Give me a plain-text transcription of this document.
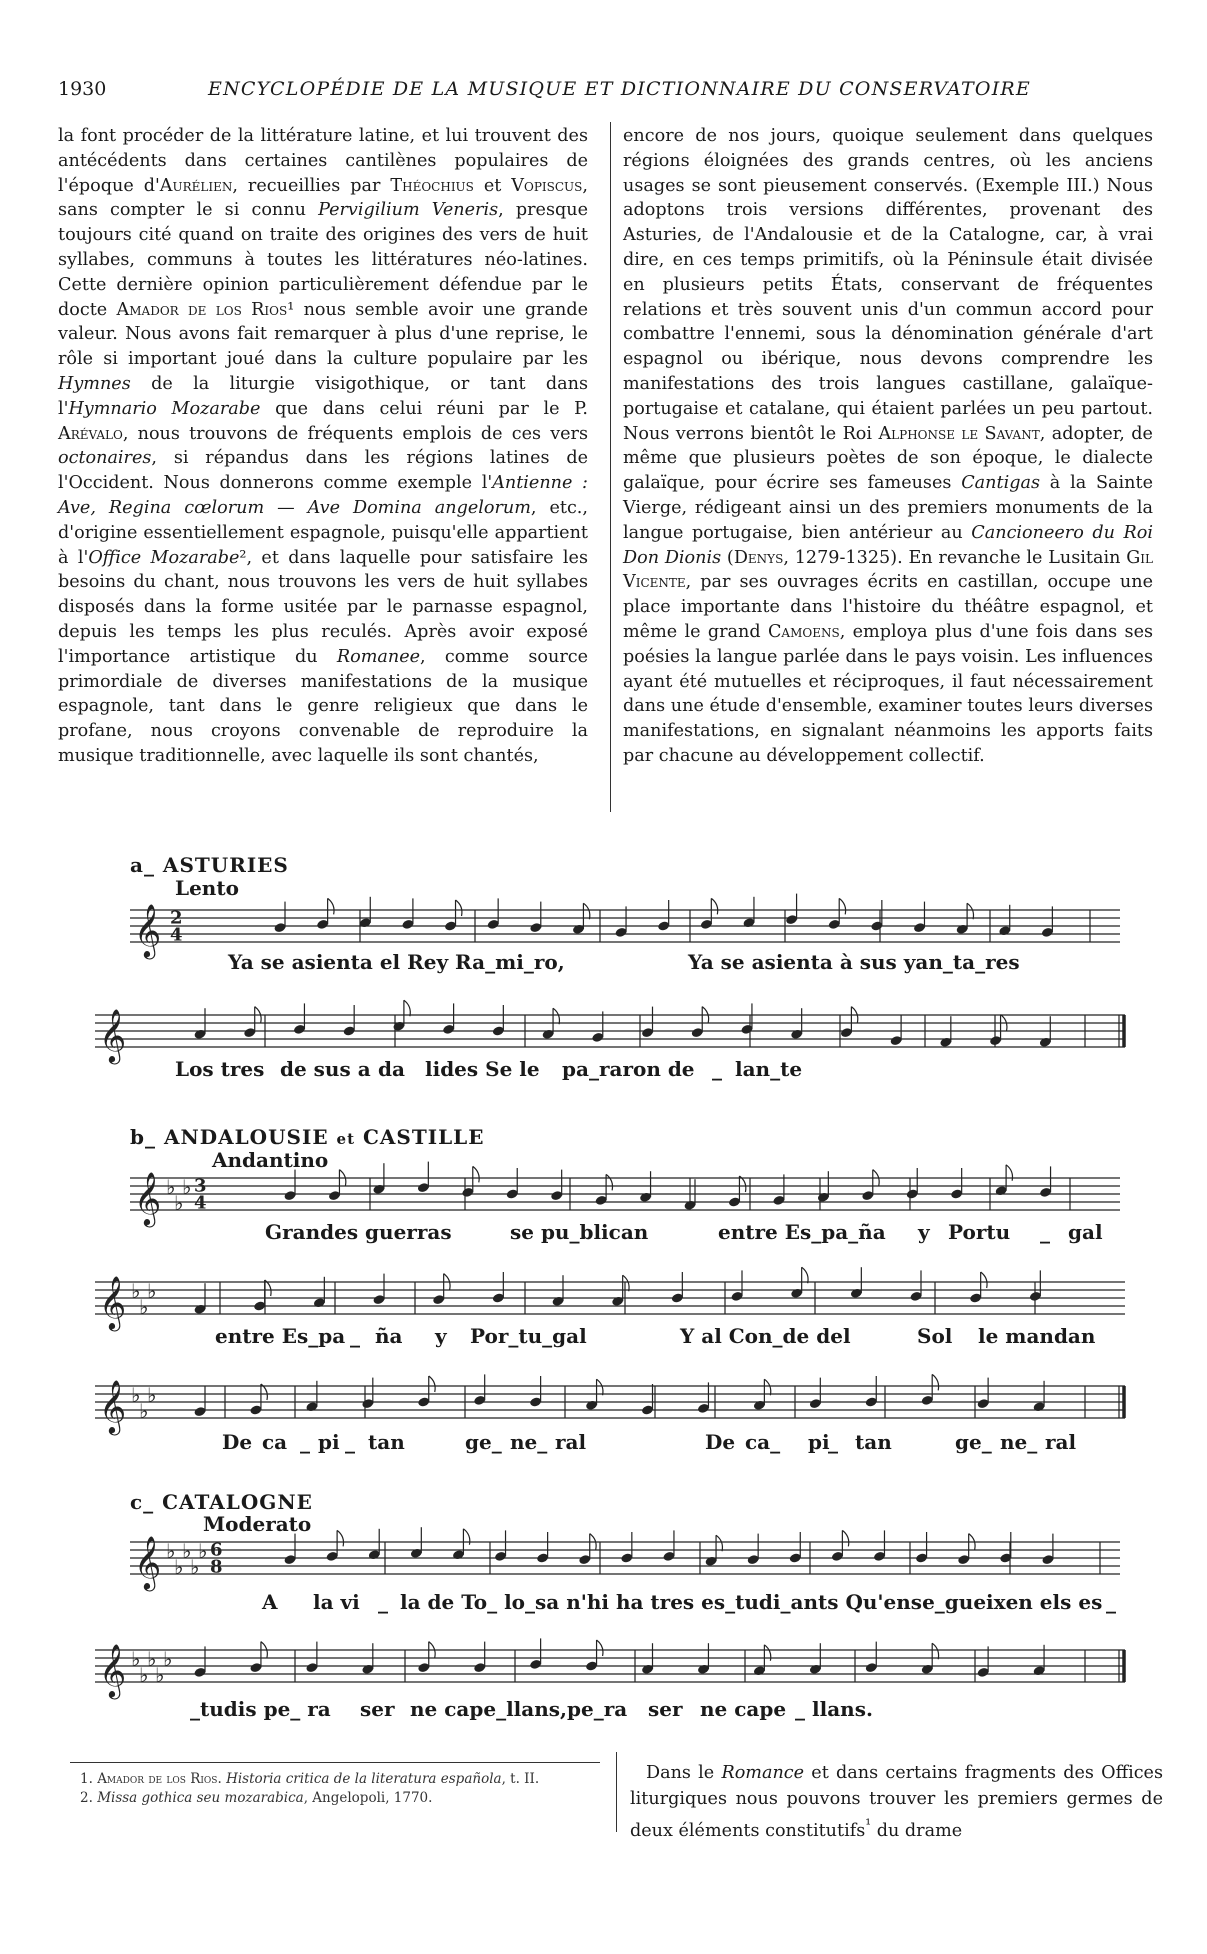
1930	ENCYCLOPÉDIE DE LA MUSIQUE ET DICTIONNAIRE DU CONSERVATOIRE

la font procéder de la littérature latine, et lui trouvent des antécédents dans certaines cantilènes populaires de l'époque d'Aurélien, recueillies par Théochius et Vopiscus, sans compter le si connu Pervigilium Veneris, presque toujours cité quand on traite des origines des vers de huit syllabes, communs à toutes les littératures néo-latines. Cette dernière opinion particulièrement défendue par le docte Amador de los Rios¹ nous semble avoir une grande valeur. Nous avons fait remarquer à plus d'une reprise, le rôle si important joué dans la culture populaire par les Hymnes de la liturgie visigothique, or tant dans l'Hymnario Mozarabe que dans celui réuni par le P. Arévalo, nous trouvons de fréquents emplois de ces vers octonaires, si répandus dans les régions latines de l'Occident. Nous donnerons comme exemple l'Antienne : Ave, Regina cœlorum — Ave Domina angelorum, etc., d'origine essentiellement espagnole, puisqu'elle appartient à l'Office Mozarabe², et dans laquelle pour satisfaire les besoins du chant, nous trouvons les vers de huit syllabes disposés dans la forme usitée par le parnasse espagnol, depuis les temps les plus reculés. Après avoir exposé l'importance artistique du Romanee, comme source primordiale de diverses manifestations de la musique espagnole, tant dans le genre religieux que dans le profane, nous croyons convenable de reproduire la musique traditionnelle, avec laquelle ils sont chantés,

encore de nos jours, quoique seulement dans quelques régions éloignées des grands centres, où les anciens usages se sont pieusement conservés. (Exemple III.) Nous adoptons trois versions différentes, provenant des Asturies, de l'Andalousie et de la Catalogne, car, à vrai dire, en ces temps primitifs, où la Péninsule était divisée en plusieurs petits États, conservant de fréquentes relations et très souvent unis d'un commun accord pour combattre l'ennemi, sous la dénomination générale d'art espagnol ou ibérique, nous devons comprendre les manifestations des trois langues castillane, galaïque-portugaise et catalane, qui étaient parlées un peu partout. Nous verrons bientôt le Roi Alphonse le Savant, adopter, de même que plusieurs poètes de son époque, le dialecte galaïque, pour écrire ses fameuses Cantigas à la Sainte Vierge, rédigeant ainsi un des premiers monuments de la langue portugaise, bien antérieur au Cancioneero du Roi Don Dionis (Denys, 1279-1325). En revanche le Lusitain Gil Vicente, par ses ouvrages écrits en castillan, occupe une place importante dans l'histoire du théâtre espagnol, et même le grand Camoens, employa plus d'une fois dans ses poésies la langue parlée dans le pays voisin. Les influences ayant été mutuelles et réciproques, il faut nécessairement dans une étude d'ensemble, examiner toutes leurs diverses manifestations, en signalant néanmoins les apports faits par chacune au développement collectif.

a_ ASTURIES
Lento
𝄞 2
4
Ya se asienta el Rey Ra_mi_ro,	Ya se asienta à sus yan_ta_res
𝄞
Los tres de sus a da lides Se le pa_raron de _ lan_te
b_ ANDALOUSIE et CASTILLE
Andantino
𝄞 ♭
♭
♭ 3
4
Grandes guerras	se pu_blican	entre Es_pa_ña y Portu _ gal
𝄞 ♭
♭
♭
entre Es_pa _ ña y Por_tu_gal	Y al Con_de del	Sol le mandan
𝄞 ♭
♭
♭
De ca _ pi _ tan	ge_ ne_ ral	De ca_ pi
_ tan	ge_ ne_ ral
c_ CATALOGNE
Moderato
𝄞 ♭
♭
♭
♭
♭ 6
8
A la vi _ la de To_ lo_sa n'hi ha tres es_tudi_ants Qu'ense_gueixen els es _
𝄞 ♭
♭
♭
♭
♭
_tudis pe_ ra ser ne cape_llans,pe_ra ser ne cape _ llans.

1. Amador de los Rios. Historia critica de la literatura española, t. II.

2. Missa gothica seu mozarabica, Angelopoli, 1770.

Dans le Romance et dans certains fragments des Offices liturgiques nous pouvons trouver les premiers germes de deux éléments constitutifs$^{^1}$ du drame
